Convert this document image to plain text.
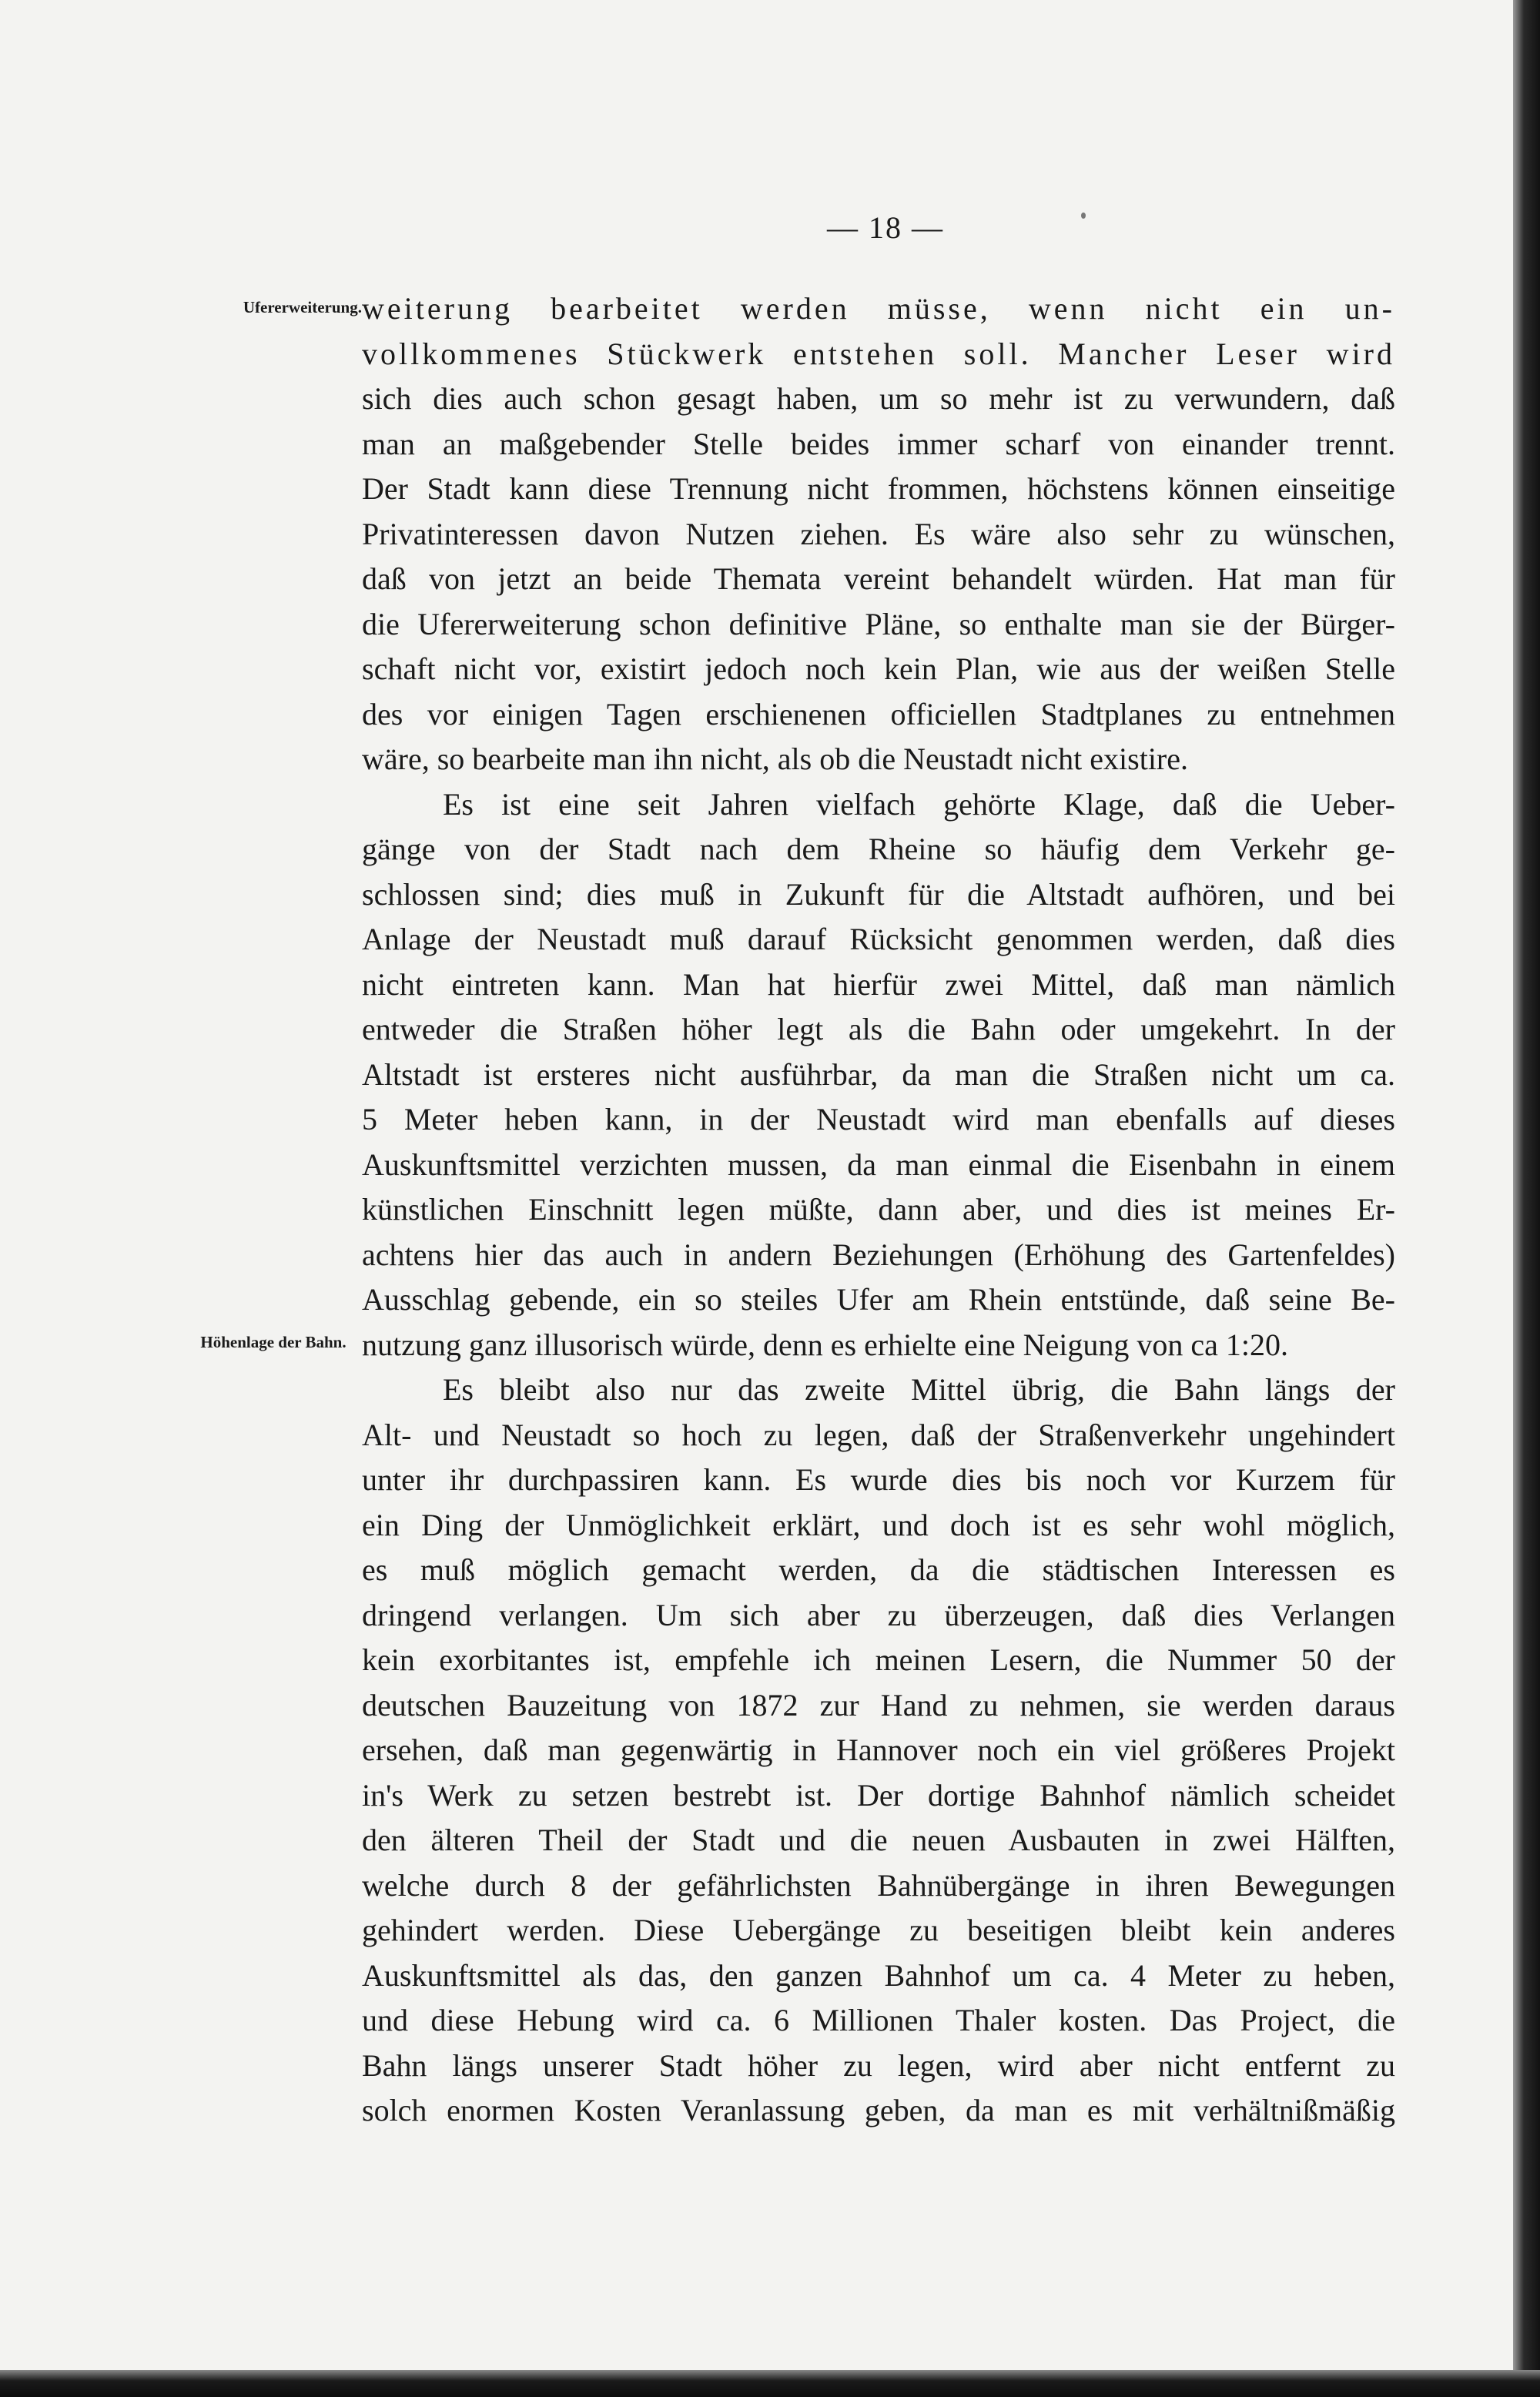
— 18 —
Ufererweiterung.
Höhenlage der Bahn.
weiterung bearbeitet werden müsse, wenn nicht ein un-
vollkommenes Stückwerk entstehen soll. Mancher Leser wird
sich dies auch schon gesagt haben, um so mehr ist zu verwundern, daß
man an maßgebender Stelle beides immer scharf von einander trennt.
Der Stadt kann diese Trennung nicht frommen, höchstens können einseitige
Privatinteressen davon Nutzen ziehen. Es wäre also sehr zu wünschen,
daß von jetzt an beide Themata vereint behandelt würden. Hat man für
die Ufererweiterung schon definitive Pläne, so enthalte man sie der Bürger-
schaft nicht vor, existirt jedoch noch kein Plan, wie aus der weißen Stelle
des vor einigen Tagen erschienenen officiellen Stadtplanes zu entnehmen
wäre, so bearbeite man ihn nicht, als ob die Neustadt nicht existire.
Es ist eine seit Jahren vielfach gehörte Klage, daß die Ueber-
gänge von der Stadt nach dem Rheine so häufig dem Verkehr ge-
schlossen sind; dies muß in Zukunft für die Altstadt aufhören, und bei
Anlage der Neustadt muß darauf Rücksicht genommen werden, daß dies
nicht eintreten kann. Man hat hierfür zwei Mittel, daß man nämlich
entweder die Straßen höher legt als die Bahn oder umgekehrt. In der
Altstadt ist ersteres nicht ausführbar, da man die Straßen nicht um ca.
5 Meter heben kann, in der Neustadt wird man ebenfalls auf dieses
Auskunftsmittel verzichten mussen, da man einmal die Eisenbahn in einem
künstlichen Einschnitt legen müßte, dann aber, und dies ist meines Er-
achtens hier das auch in andern Beziehungen (Erhöhung des Gartenfeldes)
Ausschlag gebende, ein so steiles Ufer am Rhein entstünde, daß seine Be-
nutzung ganz illusorisch würde, denn es erhielte eine Neigung von ca 1:20.
Es bleibt also nur das zweite Mittel übrig, die Bahn längs der
Alt- und Neustadt so hoch zu legen, daß der Straßenverkehr ungehindert
unter ihr durchpassiren kann. Es wurde dies bis noch vor Kurzem für
ein Ding der Unmöglichkeit erklärt, und doch ist es sehr wohl möglich,
es muß möglich gemacht werden, da die städtischen Interessen es
dringend verlangen. Um sich aber zu überzeugen, daß dies Verlangen
kein exorbitantes ist, empfehle ich meinen Lesern, die Nummer 50 der
deutschen Bauzeitung von 1872 zur Hand zu nehmen, sie werden daraus
ersehen, daß man gegenwärtig in Hannover noch ein viel größeres Projekt
in's Werk zu setzen bestrebt ist. Der dortige Bahnhof nämlich scheidet
den älteren Theil der Stadt und die neuen Ausbauten in zwei Hälften,
welche durch 8 der gefährlichsten Bahnübergänge in ihren Bewegungen
gehindert werden. Diese Uebergänge zu beseitigen bleibt kein anderes
Auskunftsmittel als das, den ganzen Bahnhof um ca. 4 Meter zu heben,
und diese Hebung wird ca. 6 Millionen Thaler kosten. Das Project, die
Bahn längs unserer Stadt höher zu legen, wird aber nicht entfernt zu
solch enormen Kosten Veranlassung geben, da man es mit verhältnißmäßig
